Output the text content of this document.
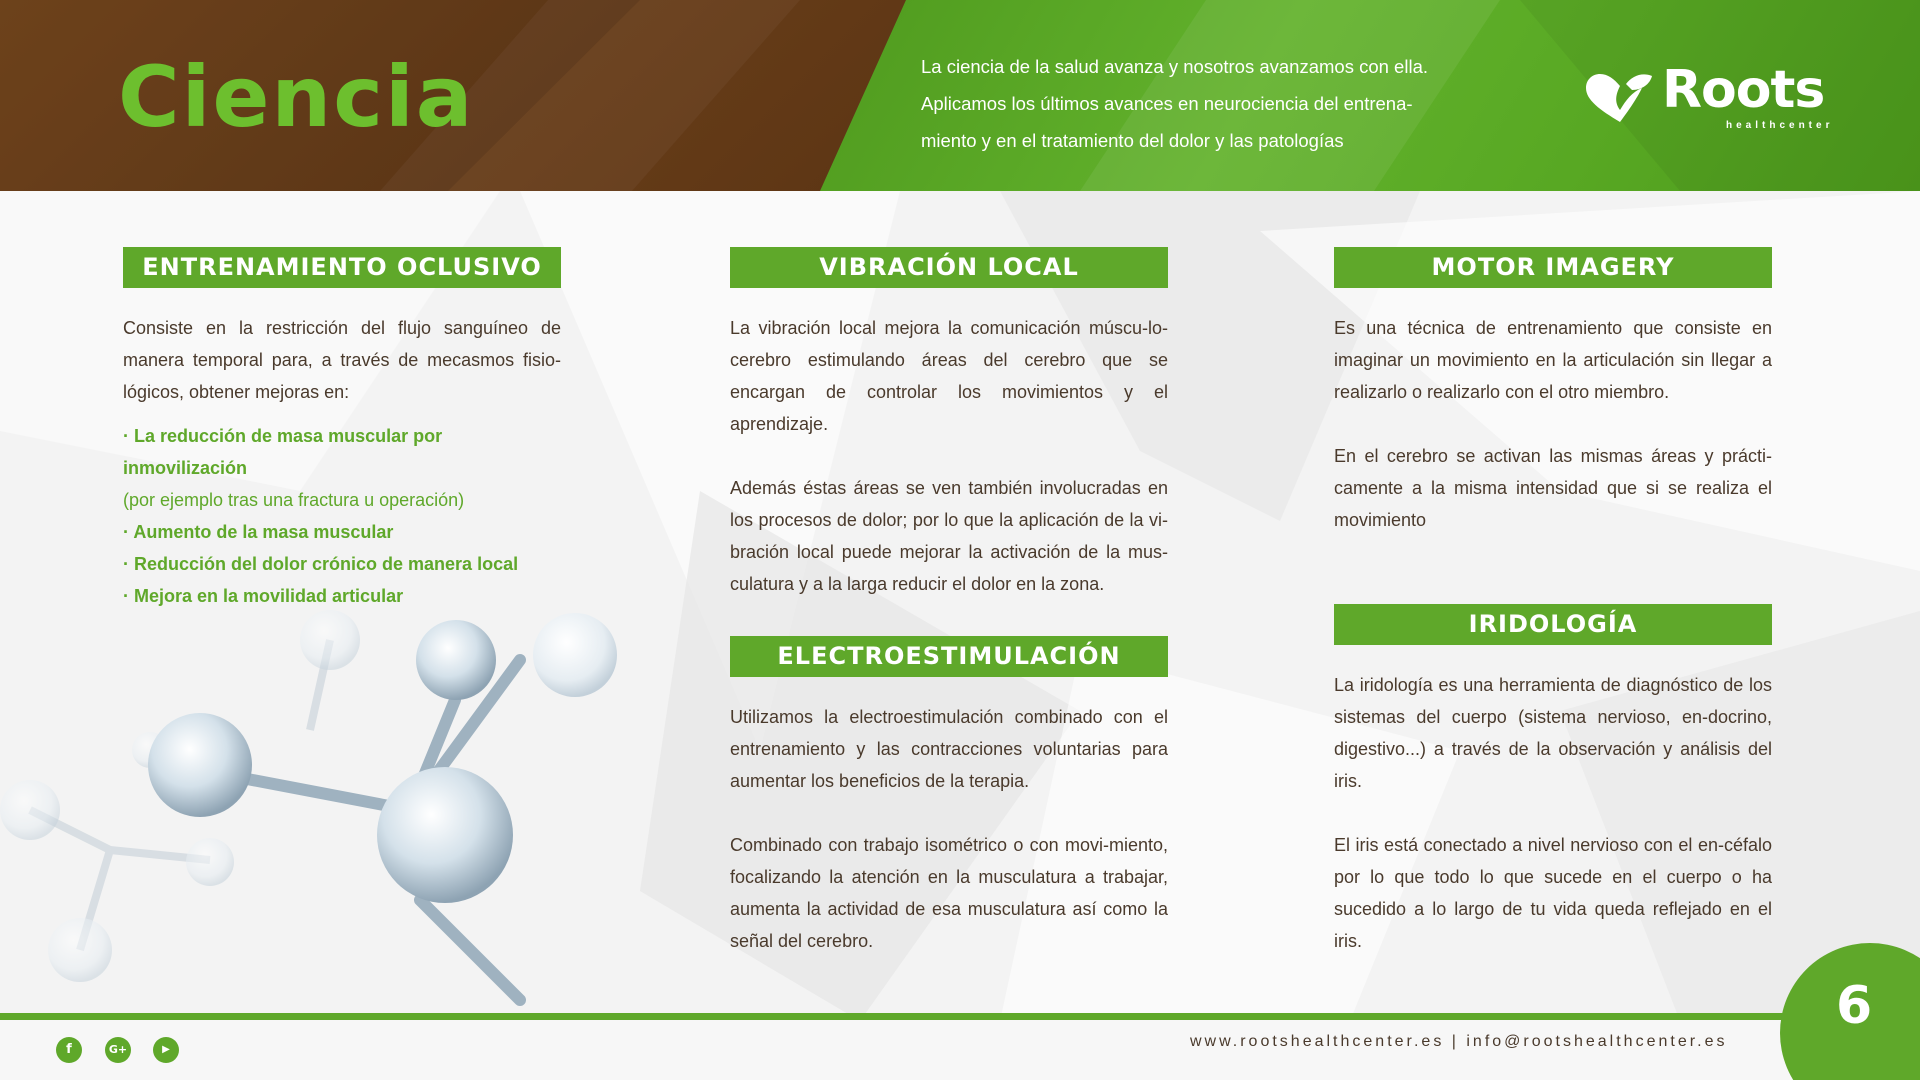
Ciencia	La ciencia de la salud avanza y nosotros avanzamos con ella.

Aplicamos los últimos avances en neurociencia del entrena-

miento y en el tratamiento del dolor y las patologías

Roots
healthcenter
ENTRENAMIENTO OCLUSIVO
Consiste en la restricción del flujo sanguíneo de manera temporal para, a través de mecasmos fisio-lógicos, obtener mejoras en:
· La reducción de masa muscular por inmovilización
(por ejemplo tras una fractura u operación)
· Aumento de la masa muscular
· Reducción del dolor crónico de manera local
· Mejora en la movilidad articular
VIBRACIÓN LOCAL
La vibración local mejora la comunicación múscu-lo-cerebro estimulando áreas del cerebro que se encargan de controlar los movimientos y el aprendizaje.
Además éstas áreas se ven también involucradas en los procesos de dolor; por lo que la aplicación de la vi-bración local puede mejorar la activación de la mus-culatura y a la larga reducir el dolor en la zona.
ELECTROESTIMULACIÓN
Utilizamos la electroestimulación combinado con el entrenamiento y las contracciones voluntarias para aumentar los beneficios de la terapia.
Combinado con trabajo isométrico o con movi-miento, focalizando la atención en la musculatura a trabajar, aumenta la actividad de esa musculatura así como la señal del cerebro.
MOTOR IMAGERY
Es una técnica de entrenamiento que consiste en imaginar un movimiento en la articulación sin llegar a realizarlo o realizarlo con el otro miembro.
En el cerebro se activan las mismas áreas y prácti-camente a la misma intensidad que si se realiza el movimiento
IRIDOLOGÍA
La iridología es una herramienta de diagnóstico de los sistemas del cuerpo (sistema nervioso, en-docrino, digestivo...) a través de la observación y análisis del iris.
El iris está conectado a nivel nervioso con el en-céfalo por lo que todo lo que sucede en el cuerpo o ha sucedido a lo largo de tu vida queda reflejado en el iris.
f	G+	▶	www.rootshealthcenter.es | info@rootshealthcenter.es
6
